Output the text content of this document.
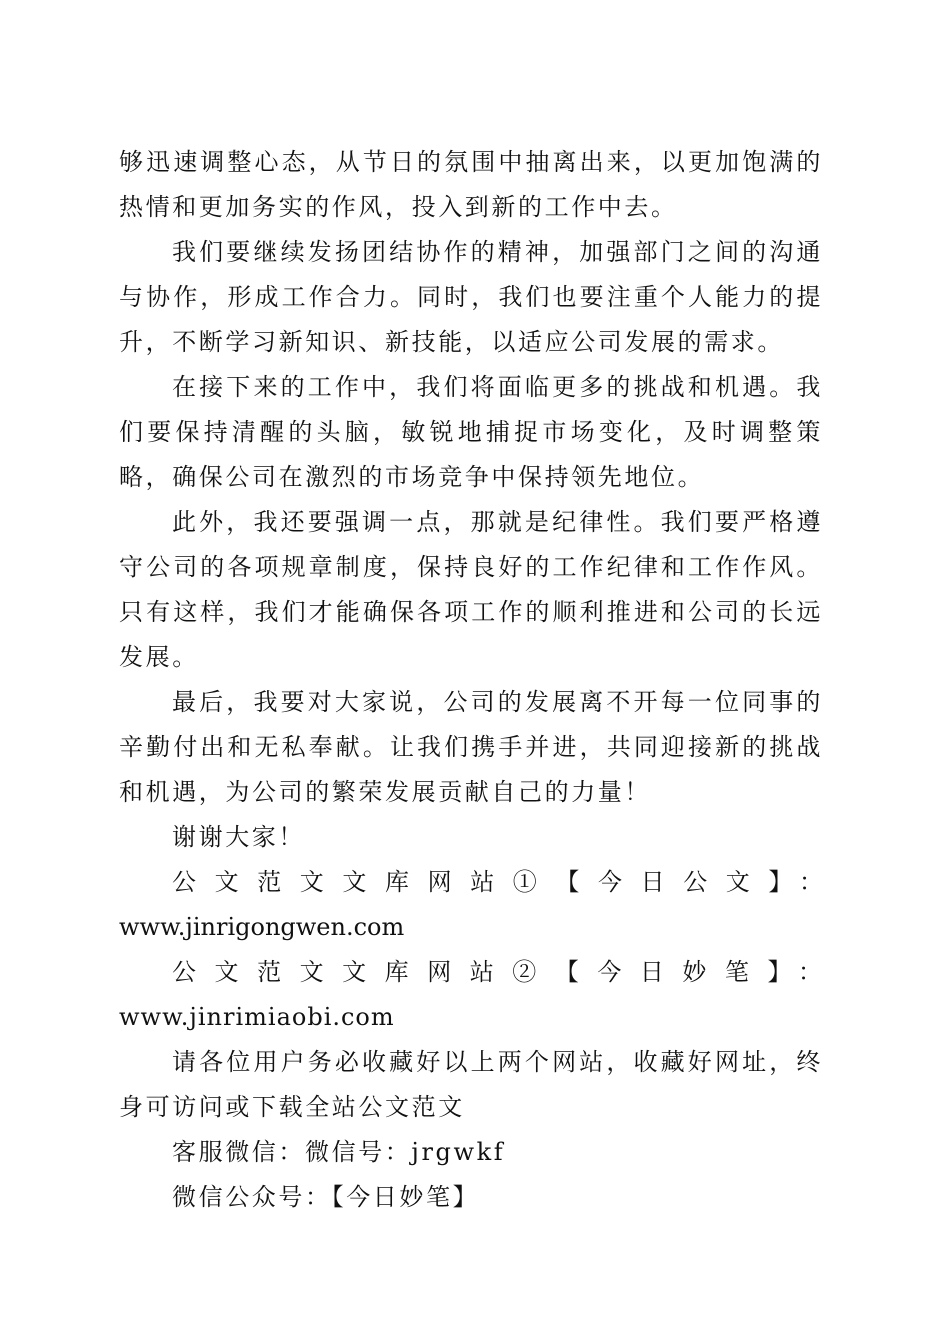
够迅速调整心态，从节日的氛围中抽离出来，以更加饱满的热情和更加务实的作风，投入到新的工作中去。

我们要继续发扬团结协作的精神，加强部门之间的沟通与协作，形成工作合力。同时，我们也要注重个人能力的提升，不断学习新知识、新技能，以适应公司发展的需求。

在接下来的工作中，我们将面临更多的挑战和机遇。我们要保持清醒的头脑，敏锐地捕捉市场变化，及时调整策略，确保公司在激烈的市场竞争中保持领先地位。

此外，我还要强调一点，那就是纪律性。我们要严格遵守公司的各项规章制度，保持良好的工作纪律和工作作风。只有这样，我们才能确保各项工作的顺利推进和公司的长远发展。

最后，我要对大家说，公司的发展离不开每一位同事的辛勤付出和无私奉献。让我们携手并进，共同迎接新的挑战和机遇，为公司的繁荣发展贡献自己的力量！

谢谢大家！

公文范文文库网站①【今日公文】：

www.jinrigongwen.com

公文范文文库网站②【今日妙笔】：www.jinrimiaobi.com

请各位用户务必收藏好以上两个网站，收藏好网址，终身可访问或下载全站公文范文

客服微信：微信号：jrgwkf

微信公众号：【今日妙笔】
